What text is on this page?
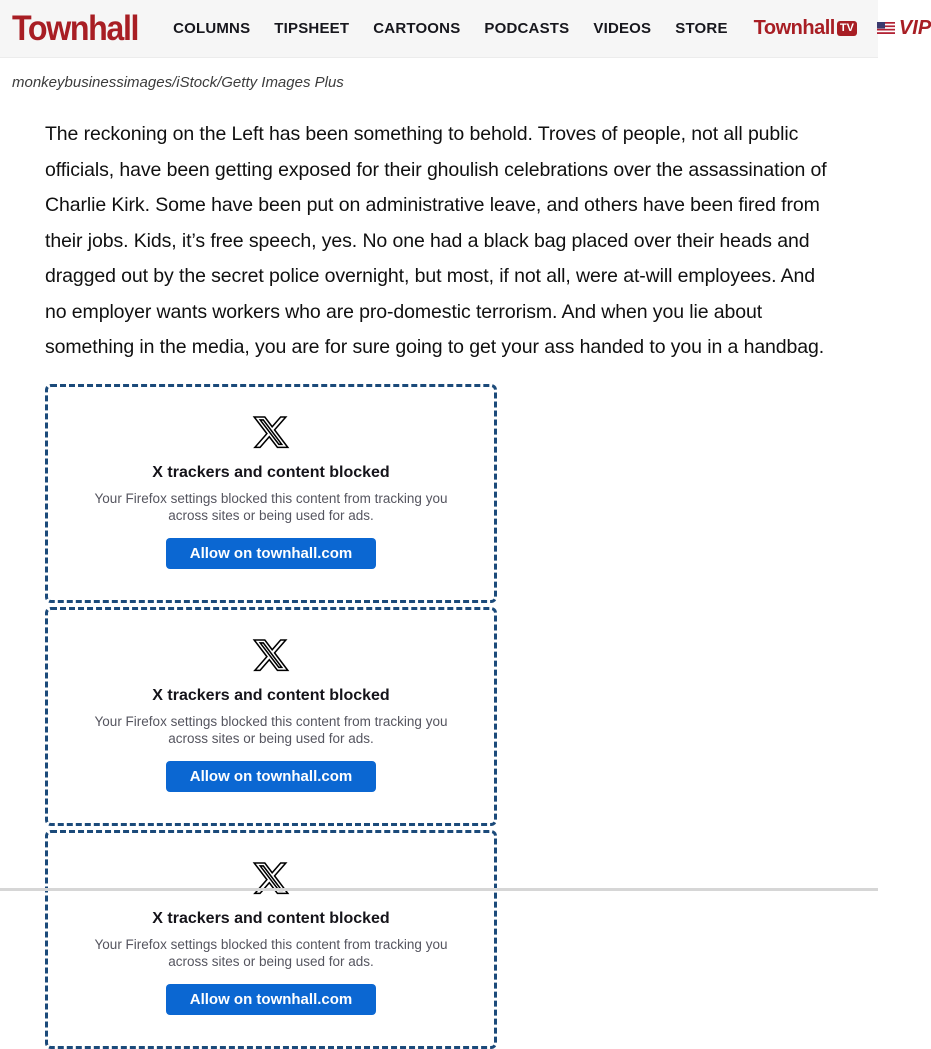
Townhall COLUMNS TIPSHEET CARTOONS PODCASTS VIDEOS STORE Townhall TV VIP
monkeybusinessimages/iStock/Getty Images Plus

The reckoning on the Left has been something to behold. Troves of people, not all public officials, have been getting exposed for their ghoulish celebrations over the assassination of Charlie Kirk. Some have been put on administrative leave, and others have been fired from their jobs. Kids, it’s free speech, yes. No one had a black bag placed over their heads and dragged out by the secret police overnight, but most, if not all, were at-will employees. And no employer wants workers who are pro-domestic terrorism. And when you lie about something in the media, you are for sure going to get your ass handed to you in a handbag.

X trackers and content blocked
Your Firefox settings blocked this content from tracking you across sites or being used for ads.
Allow on townhall.com
X trackers and content blocked
Your Firefox settings blocked this content from tracking you across sites or being used for ads.
Allow on townhall.com
X trackers and content blocked
Your Firefox settings blocked this content from tracking you across sites or being used for ads.
Allow on townhall.com
